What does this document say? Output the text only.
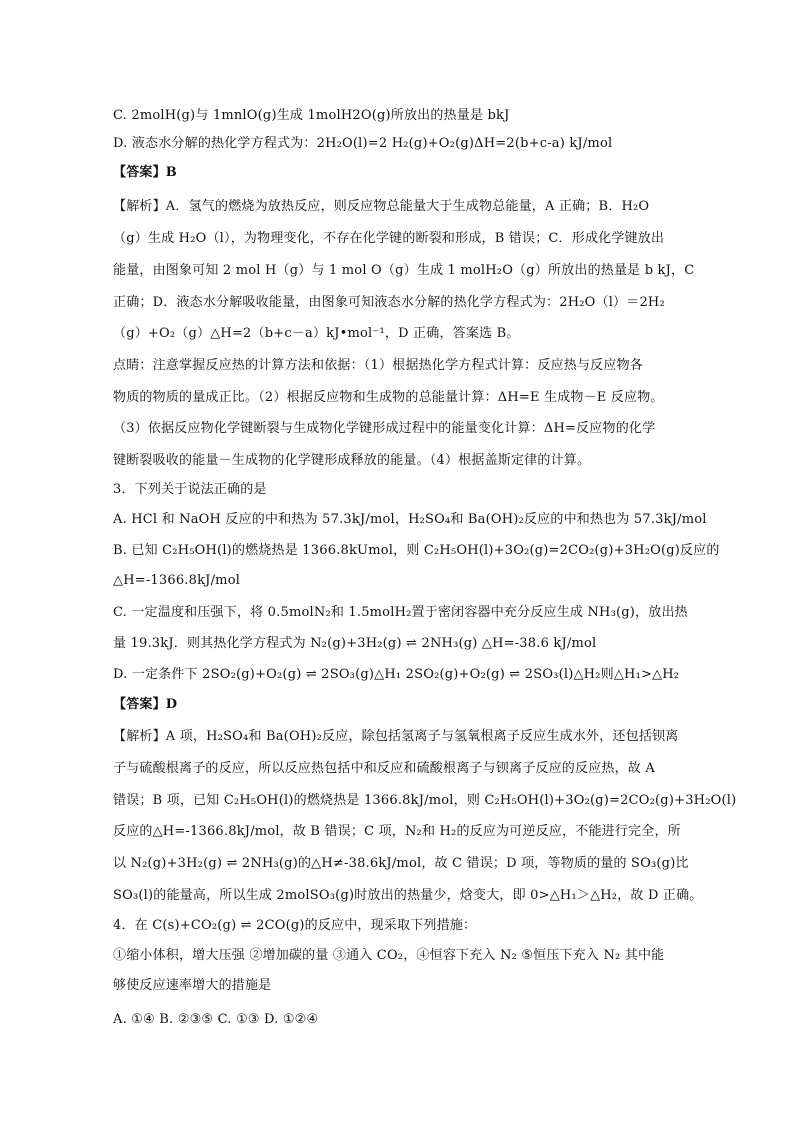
C. 2molH(g)与 1mnlO(g)生成 1molH2O(g)所放出的热量是 bkJ
D. 液态水分解的热化学方程式为：2H₂O(l)=2 H₂(g)+O₂(g)ΔH=2(b+c-a) kJ/mol
【答案】B
【解析】A．氢气的燃烧为放热反应，则反应物总能量大于生成物总能量，A 正确；B．H₂O
（g）生成 H₂O（l），为物理变化，不存在化学键的断裂和形成，B 错误；C．形成化学键放出
能量，由图象可知 2 mol H（g）与 1 mol O（g）生成 1 molH₂O（g）所放出的热量是 b kJ，C
正确；D．液态水分解吸收能量，由图象可知液态水分解的热化学方程式为：2H₂O（l）＝2H₂
（g）+O₂（g）△H=2（b+c－a）kJ•mol⁻¹，D 正确，答案选 B。
点睛：注意掌握反应热的计算方法和依据：（1）根据热化学方程式计算：反应热与反应物各
物质的物质的量成正比。（2）根据反应物和生成物的总能量计算：ΔH=E 生成物－E 反应物。
（3）依据反应物化学键断裂与生成物化学键形成过程中的能量变化计算：ΔH=反应物的化学
键断裂吸收的能量－生成物的化学键形成释放的能量。（4）根据盖斯定律的计算。
3．下列关于说法正确的是
A. HCl 和 NaOH 反应的中和热为 57.3kJ/mol，H₂SO₄和 Ba(OH)₂反应的中和热也为 57.3kJ/mol
B. 已知 C₂H₅OH(l)的燃烧热是 1366.8kUmol，则 C₂H₅OH(l)+3O₂(g)=2CO₂(g)+3H₂O(g)反应的
△H=-1366.8kJ/mol
C. 一定温度和压强下，将 0.5molN₂和 1.5molH₂置于密闭容器中充分反应生成 NH₃(g)，放出热
量 19.3kJ．则其热化学方程式为 N₂(g)+3H₂(g) ⇌ 2NH₃(g) △H=-38.6 kJ/mol
D. 一定条件下 2SO₂(g)+O₂(g) ⇌ 2SO₃(g)△H₁ 2SO₂(g)+O₂(g) ⇌ 2SO₃(l)△H₂则△H₁>△H₂
【答案】D
【解析】A 项，H₂SO₄和 Ba(OH)₂反应，除包括氢离子与氢氧根离子反应生成水外，还包括钡离
子与硫酸根离子的反应，所以反应热包括中和反应和硫酸根离子与钡离子反应的反应热，故 A
错误；B 项，已知 C₂H₅OH(l)的燃烧热是 1366.8kJ/mol，则 C₂H₅OH(l)+3O₂(g)=2CO₂(g)+3H₂O(l)
反应的△H=-1366.8kJ/mol，故 B 错误；C 项，N₂和 H₂的反应为可逆反应，不能进行完全，所
以 N₂(g)+3H₂(g) ⇌ 2NH₃(g)的△H≠-38.6kJ/mol，故 C 错误；D 项，等物质的量的 SO₃(g)比
SO₃(l)的能量高，所以生成 2molSO₃(g)时放出的热量少，焓变大，即 0>△H₁＞△H₂，故 D 正确。
4．在 C(s)+CO₂(g) ⇌ 2CO(g)的反应中，现采取下列措施：
①缩小体积，增大压强 ②增加碳的量 ③通入 CO₂，④恒容下充入 N₂ ⑤恒压下充入 N₂ 其中能
够使反应速率增大的措施是
A. ①④ B. ②③⑤ C. ①③ D. ①②④
